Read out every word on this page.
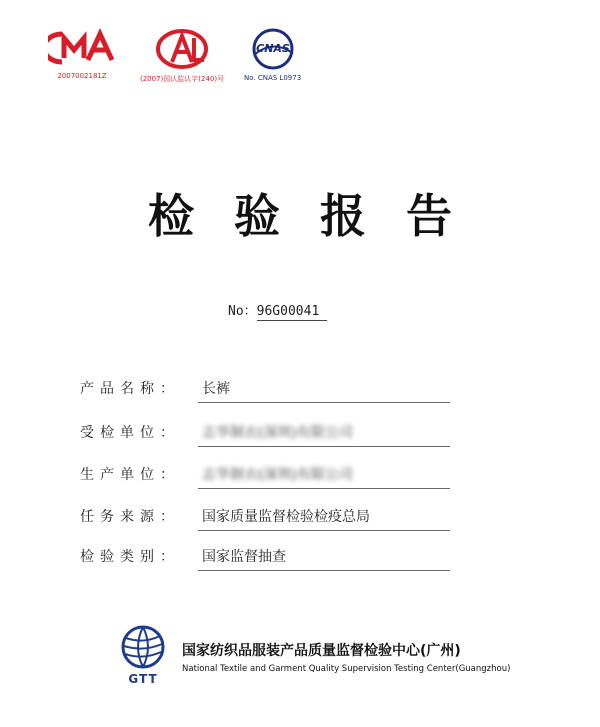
2007002181Z	(2007)国认监认字(240)号
CNAS
No. CNAS L0973
检验报告
No：96G00041
产品名称：	长裤
受检单位：	志华制衣(深圳)有限公司
生产单位：	志华制衣(深圳)有限公司
任务来源：	国家质量监督检验检疫总局
检验类别：	国家监督抽查
GTT
国家纺织品服装产品质量监督检验中心(广州)
National Textile and Garment Quality Supervision Testing Center(Guangzhou)
